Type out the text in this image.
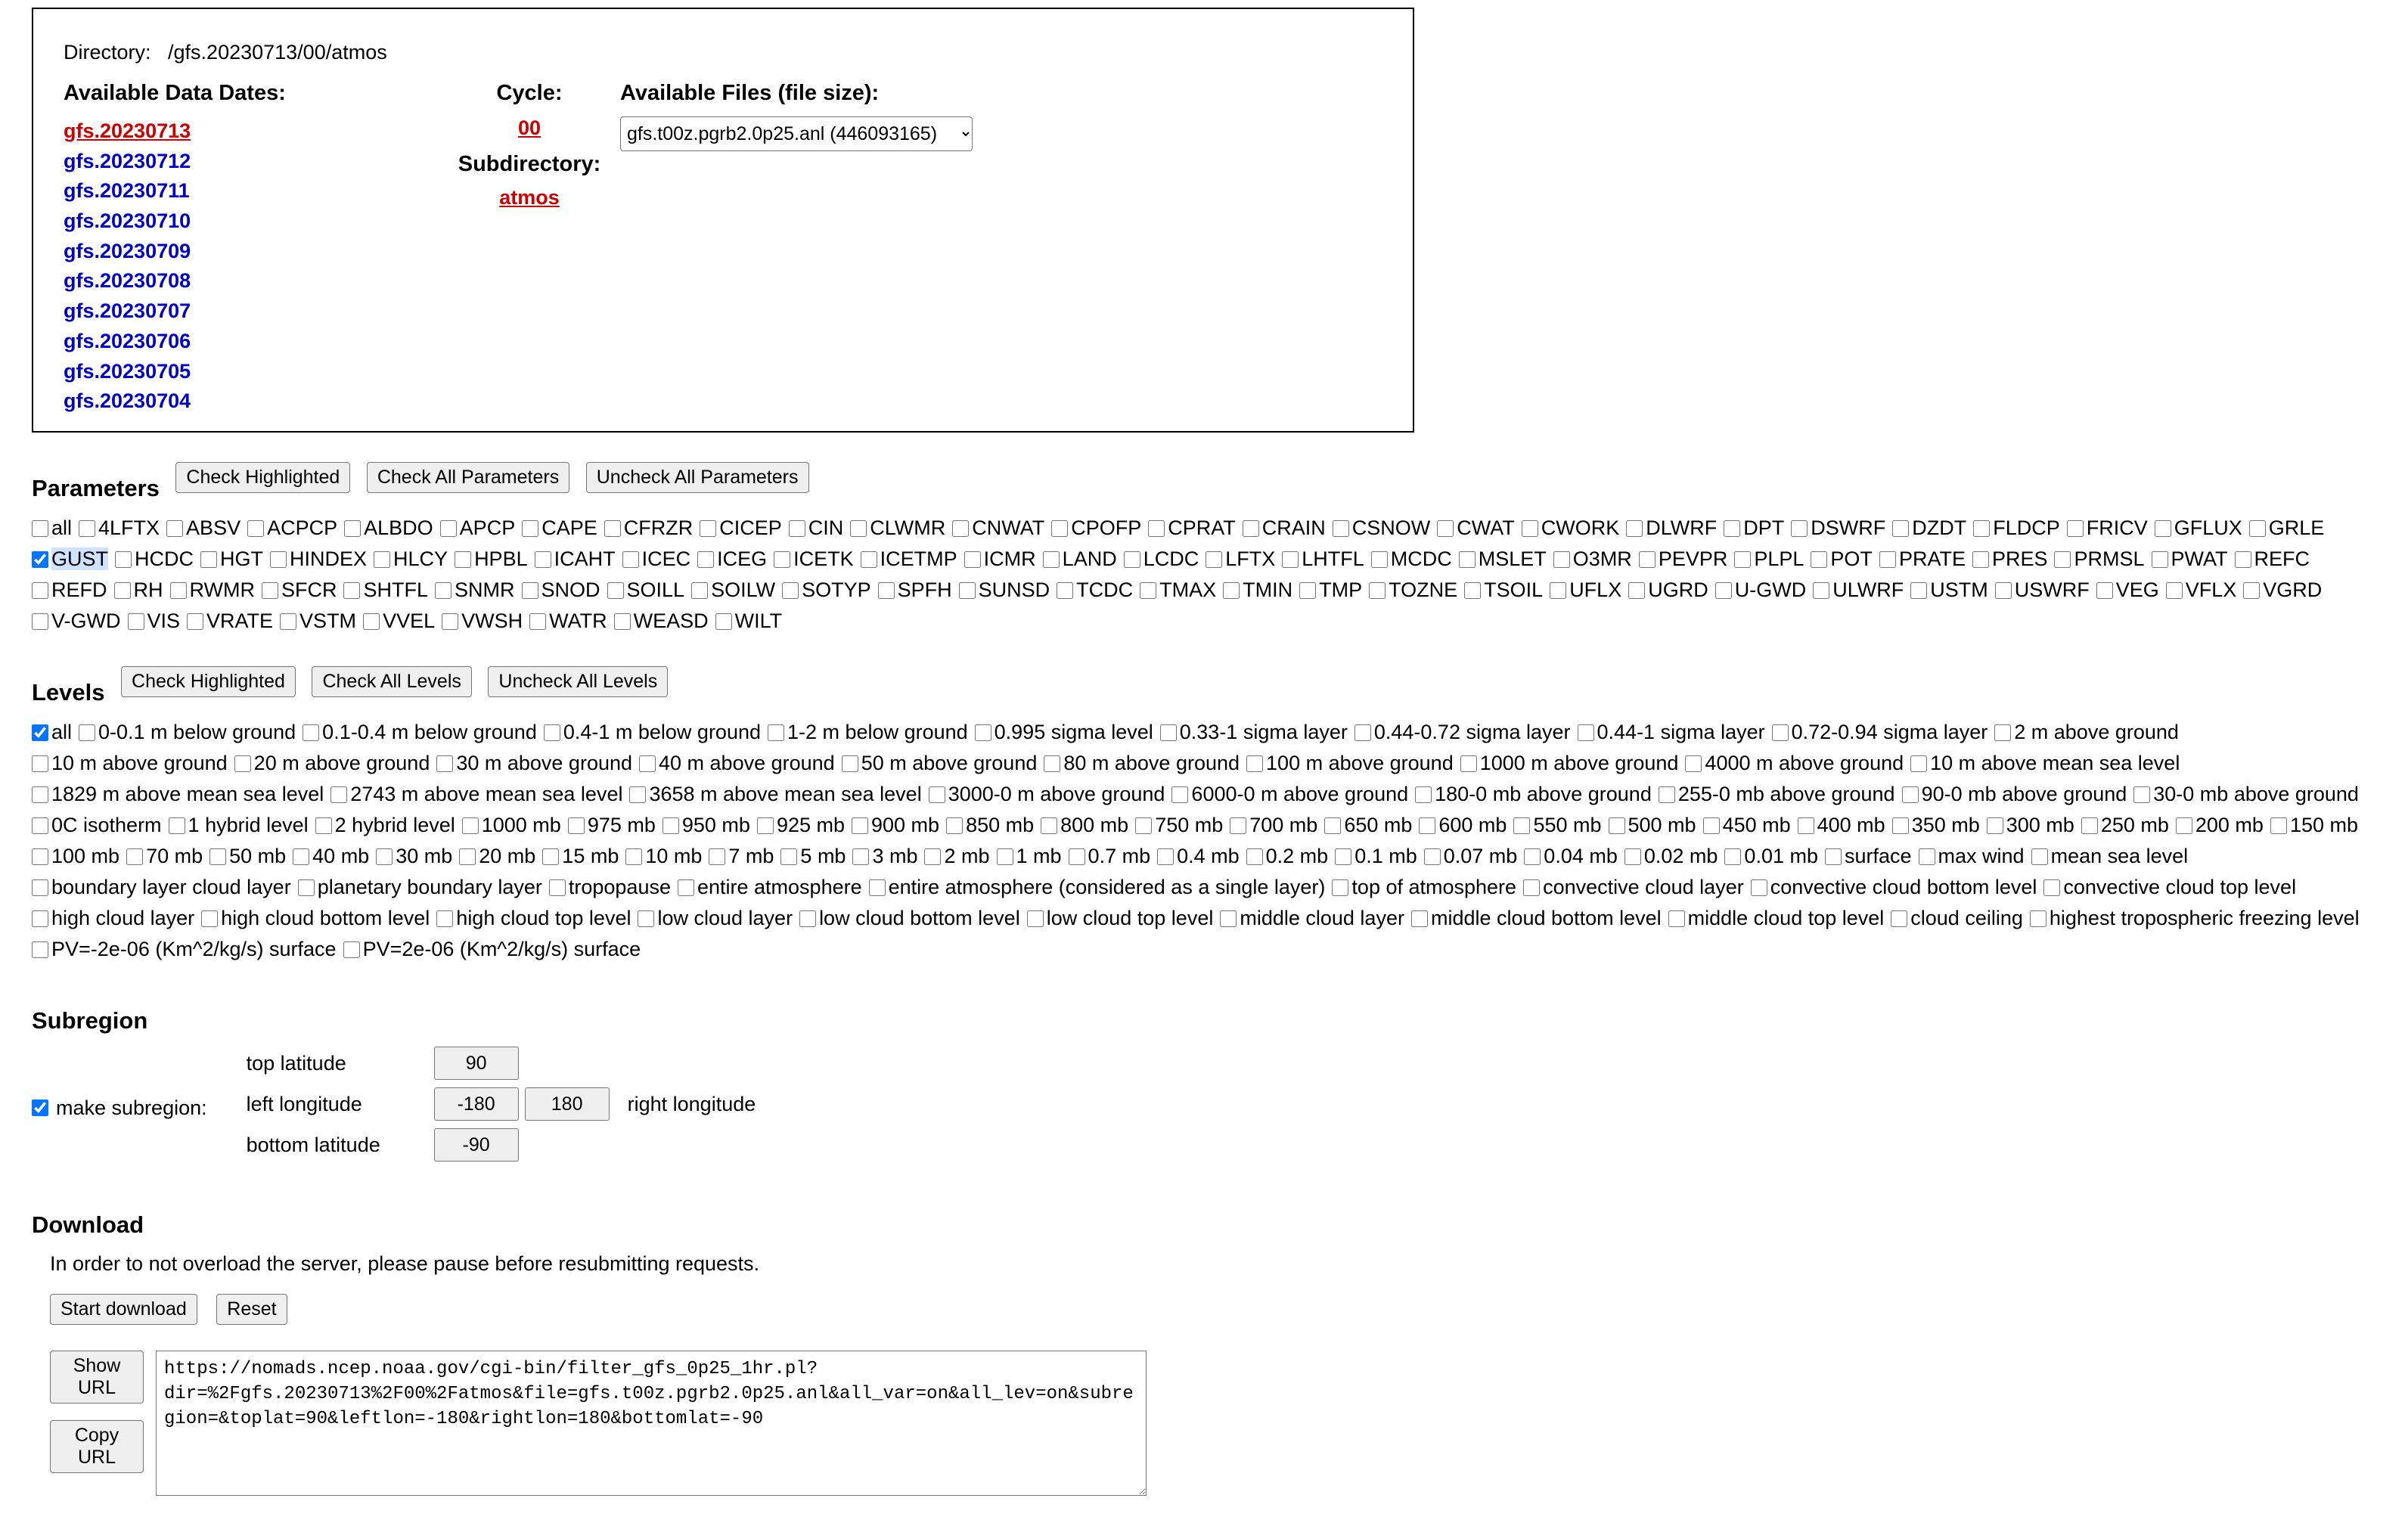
Directory: /gfs.20230713/00/atmos
Available Data Dates:
gfs.20230713
gfs.20230712
gfs.20230711
gfs.20230710
gfs.20230709
gfs.20230708
gfs.20230707
gfs.20230706
gfs.20230705
gfs.20230704
Cycle:
00
Subdirectory:
atmos
Available Files (file size):
gfs.t00z.pgrb2.0p25.anl (446093165)
Parameters Check Highlighted Check All Parameters Uncheck All Parameters
all 4LFTX ABSV ACPCP ALBDO APCP CAPE CFRZR CICEP CIN CLWMR CNWAT CPOFP CPRAT CRAIN CSNOW CWAT CWORK DLWRF DPT DSWRF DZDT FLDCP FRICV GFLUX GRLEGUST HCDC HGT HINDEX HLCY HPBL ICAHT ICEC ICEG ICETK ICETMP ICMR LAND LCDC LFTX LHTFL MCDC MSLET O3MR PEVPR PLPL POT PRATE PRES PRMSL PWAT REFCREFD RH RWMR SFCR SHTFL SNMR SNOD SOILL SOILW SOTYP SPFH SUNSD TCDC TMAX TMIN TMP TOZNE TSOIL UFLX UGRD U-GWD ULWRF USTM USWRF VEG VFLX VGRDV-GWD VIS VRATE VSTM VVEL VWSH WATR WEASD WILT
Levels Check Highlighted Check All Levels Uncheck All Levels
all 0-0.1 m below ground 0.1-0.4 m below ground 0.4-1 m below ground 1-2 m below ground 0.995 sigma level 0.33-1 sigma layer 0.44-0.72 sigma layer 0.44-1 sigma layer 0.72-0.94 sigma layer 2 m above ground10 m above ground 20 m above ground 30 m above ground 40 m above ground 50 m above ground 80 m above ground 100 m above ground 1000 m above ground 4000 m above ground 10 m above mean sea level1829 m above mean sea level 2743 m above mean sea level 3658 m above mean sea level 3000-0 m above ground 6000-0 m above ground 180-0 mb above ground 255-0 mb above ground 90-0 mb above ground 30-0 mb above ground0C isotherm 1 hybrid level 2 hybrid level 1000 mb 975 mb 950 mb 925 mb 900 mb 850 mb 800 mb 750 mb 700 mb 650 mb 600 mb 550 mb 500 mb 450 mb 400 mb 350 mb 300 mb 250 mb 200 mb 150 mb100 mb 70 mb 50 mb 40 mb 30 mb 20 mb 15 mb 10 mb 7 mb 5 mb 3 mb 2 mb 1 mb 0.7 mb 0.4 mb 0.2 mb 0.1 mb 0.07 mb 0.04 mb 0.02 mb 0.01 mb surface max wind mean sea levelboundary layer cloud layer planetary boundary layer tropopause entire atmosphere entire atmosphere (considered as a single layer) top of atmosphere convective cloud layer convective cloud bottom level convective cloud top levelhigh cloud layer high cloud bottom level high cloud top level low cloud layer low cloud bottom level low cloud top level middle cloud layer middle cloud bottom level middle cloud top level cloud ceiling highest tropospheric freezing levelPV=-2e-06 (Km^2/kg/s) surface PV=2e-06 (Km^2/kg/s) surface
Subregion
make subregion:
top latitude
90
left longitude
-180
180	right longitude
bottom latitude
-90
Download
In order to not overload the server, please pause before resubmitting requests.
Start download Reset
Show URL
Copy URL
https://nomads.ncep.noaa.gov/cgi-bin/filter_gfs_0p25_1hr.pl?dir=%2Fgfs.20230713%2F00%2Fatmos&file=gfs.t00z.pgrb2.0p25.anl&all_var=on&all_lev=on&subregion=&toplat=90&leftlon=-180&rightlon=180&bottomlat=-90
